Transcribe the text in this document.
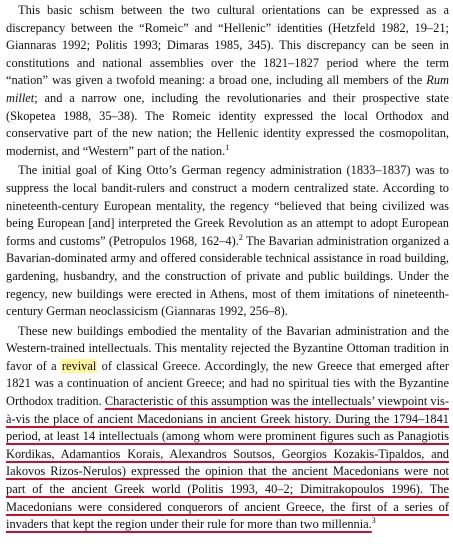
This basic schism between the two cultural orientations can be expressed as a discrepancy between the “Romeic” and “Hellenic” identities (Hetzfeld 1982, 19–21; Giannaras 1992; Politis 1993; Dimaras 1985, 345). This discrepancy can be seen in constitutions and national assemblies over the 1821–1827 period where the term “nation” was given a twofold meaning: a broad one, including all members of the Rum millet; and a narrow one, including the revolutionaries and their prospective state (Skopetea 1988, 35–38). The Romeic identity expressed the local Orthodox and conservative part of the new nation; the Hellenic identity expressed the cosmopolitan, modernist, and “Western” part of the nation.$^1$

The initial goal of King Otto’s German regency administration (1833–1837) was to suppress the local bandit-rulers and construct a modern centralized state. According to nineteenth-century European mentality, the regency “believed that being civilized was being European [and] interpreted the Greek Revolution as an attempt to adopt European forms and customs” (Petropulos 1968, 162–4).$^2$ The Bavarian administration organized a Bavarian-dominated army and offered considerable technical assistance in road building, gardening, husbandry, and the construction of private and public buildings. Under the regency, new buildings were erected in Athens, most of them imitations of nineteenth-century German neoclassicism (Giannaras 1992, 256–8).

These new buildings embodied the mentality of the Bavarian administration and the Western-trained intellectuals. This mentality rejected the Byzantine Ottoman tradition in favor of a revival of classical Greece. Accordingly, the new Greece that emerged after 1821 was a continuation of ancient Greece; and had no spiritual ties with the Byzantine Orthodox tradition. Characteristic of this assumption was the intellectuals’ viewpoint vis-à-vis the place of ancient Macedonians in ancient Greek history. During the 1794–1841 period, at least 14 intellectuals (among whom were prominent figures such as Panagiotis Kordikas, Adamantios Korais, Alexandros Soutsos, Georgios Kozakis-Tipaldos, and Iakovos Rizos-Nerulos) expressed the opinion that the ancient Macedonians were not part of the ancient Greek world (Politis 1993, 40–2; Dimitrakopoulos 1996). The Macedonians were considered conquerors of ancient Greece, the first of a series of invaders that kept the region under their rule for more than two millennia.$^3$
